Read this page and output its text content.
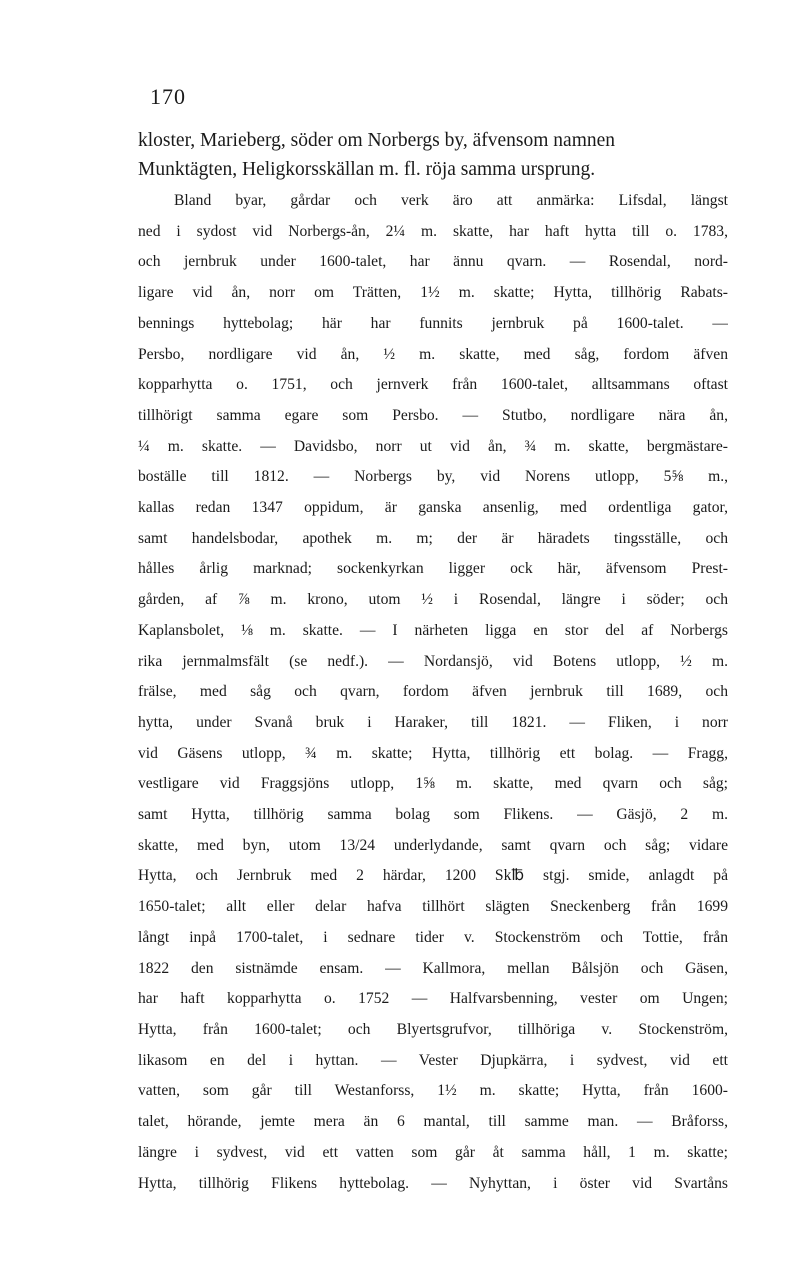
170
kloster, Marieberg, söder om Norbergs by, äfvensom namnen
Munktägten, Heligkorsskällan m. fl. röja samma ursprung.
Bland byar, gårdar och verk äro att anmärka: Lifsdal, längst
ned i sydost vid Norbergs-ån, 2¼ m. skatte, har haft hytta till o. 1783,
och jernbruk under 1600-talet, har ännu qvarn. — Rosendal, nord-
ligare vid ån, norr om Trätten, 1½ m. skatte; Hytta, tillhörig Rabats-
bennings hyttebolag; här har funnits jernbruk på 1600-talet. —
Persbo, nordligare vid ån, ½ m. skatte, med såg, fordom äfven
kopparhytta o. 1751, och jernverk från 1600-talet, alltsammans oftast
tillhörigt samma egare som Persbo. — Stutbo, nordligare nära ån,
¼ m. skatte. — Davidsbo, norr ut vid ån, ¾ m. skatte, bergmästare-
boställe till 1812. — Norbergs by, vid Norens utlopp, 5⅝ m.,
kallas redan 1347 oppidum, är ganska ansenlig, med ordentliga gator,
samt handelsbodar, apothek m. m; der är häradets tingsställe, och
hålles årlig marknad; sockenkyrkan ligger ock här, äfvensom Prest-
gården, af ⅞ m. krono, utom ½ i Rosendal, längre i söder; och
Kaplansbolet, ⅛ m. skatte. — I närheten ligga en stor del af Norbergs
rika jernmalmsfält (se nedf.). — Nordansjö, vid Botens utlopp, ½ m.
frälse, med såg och qvarn, fordom äfven jernbruk till 1689, och
hytta, under Svanå bruk i Haraker, till 1821. — Fliken, i norr
vid Gäsens utlopp, ¾ m. skatte; Hytta, tillhörig ett bolag. — Fragg,
vestligare vid Fraggsjöns utlopp, 1⅝ m. skatte, med qvarn och såg;
samt Hytta, tillhörig samma bolag som Flikens. — Gäsjö, 2 m.
skatte, med byn, utom 13/24 underlydande, samt qvarn och såg; vidare
Hytta, och Jernbruk med 2 härdar, 1200 Sk℔ stgj. smide, anlagdt på
1650-talet; allt eller delar hafva tillhört slägten Sneckenberg från 1699
långt inpå 1700-talet, i sednare tider v. Stockenström och Tottie, från
1822 den sistnämde ensam. — Kallmora, mellan Bålsjön och Gäsen,
har haft kopparhytta o. 1752 — Halfvarsbenning, vester om Ungen;
Hytta, från 1600-talet; och Blyertsgrufvor, tillhöriga v. Stockenström,
likasom en del i hyttan. — Vester Djupkärra, i sydvest, vid ett
vatten, som går till Westanforss, 1½ m. skatte; Hytta, från 1600-
talet, hörande, jemte mera än 6 mantal, till samme man. — Bråforss,
längre i sydvest, vid ett vatten som går åt samma håll, 1 m. skatte;
Hytta, tillhörig Flikens hyttebolag. — Nyhyttan, i öster vid Svartåns
